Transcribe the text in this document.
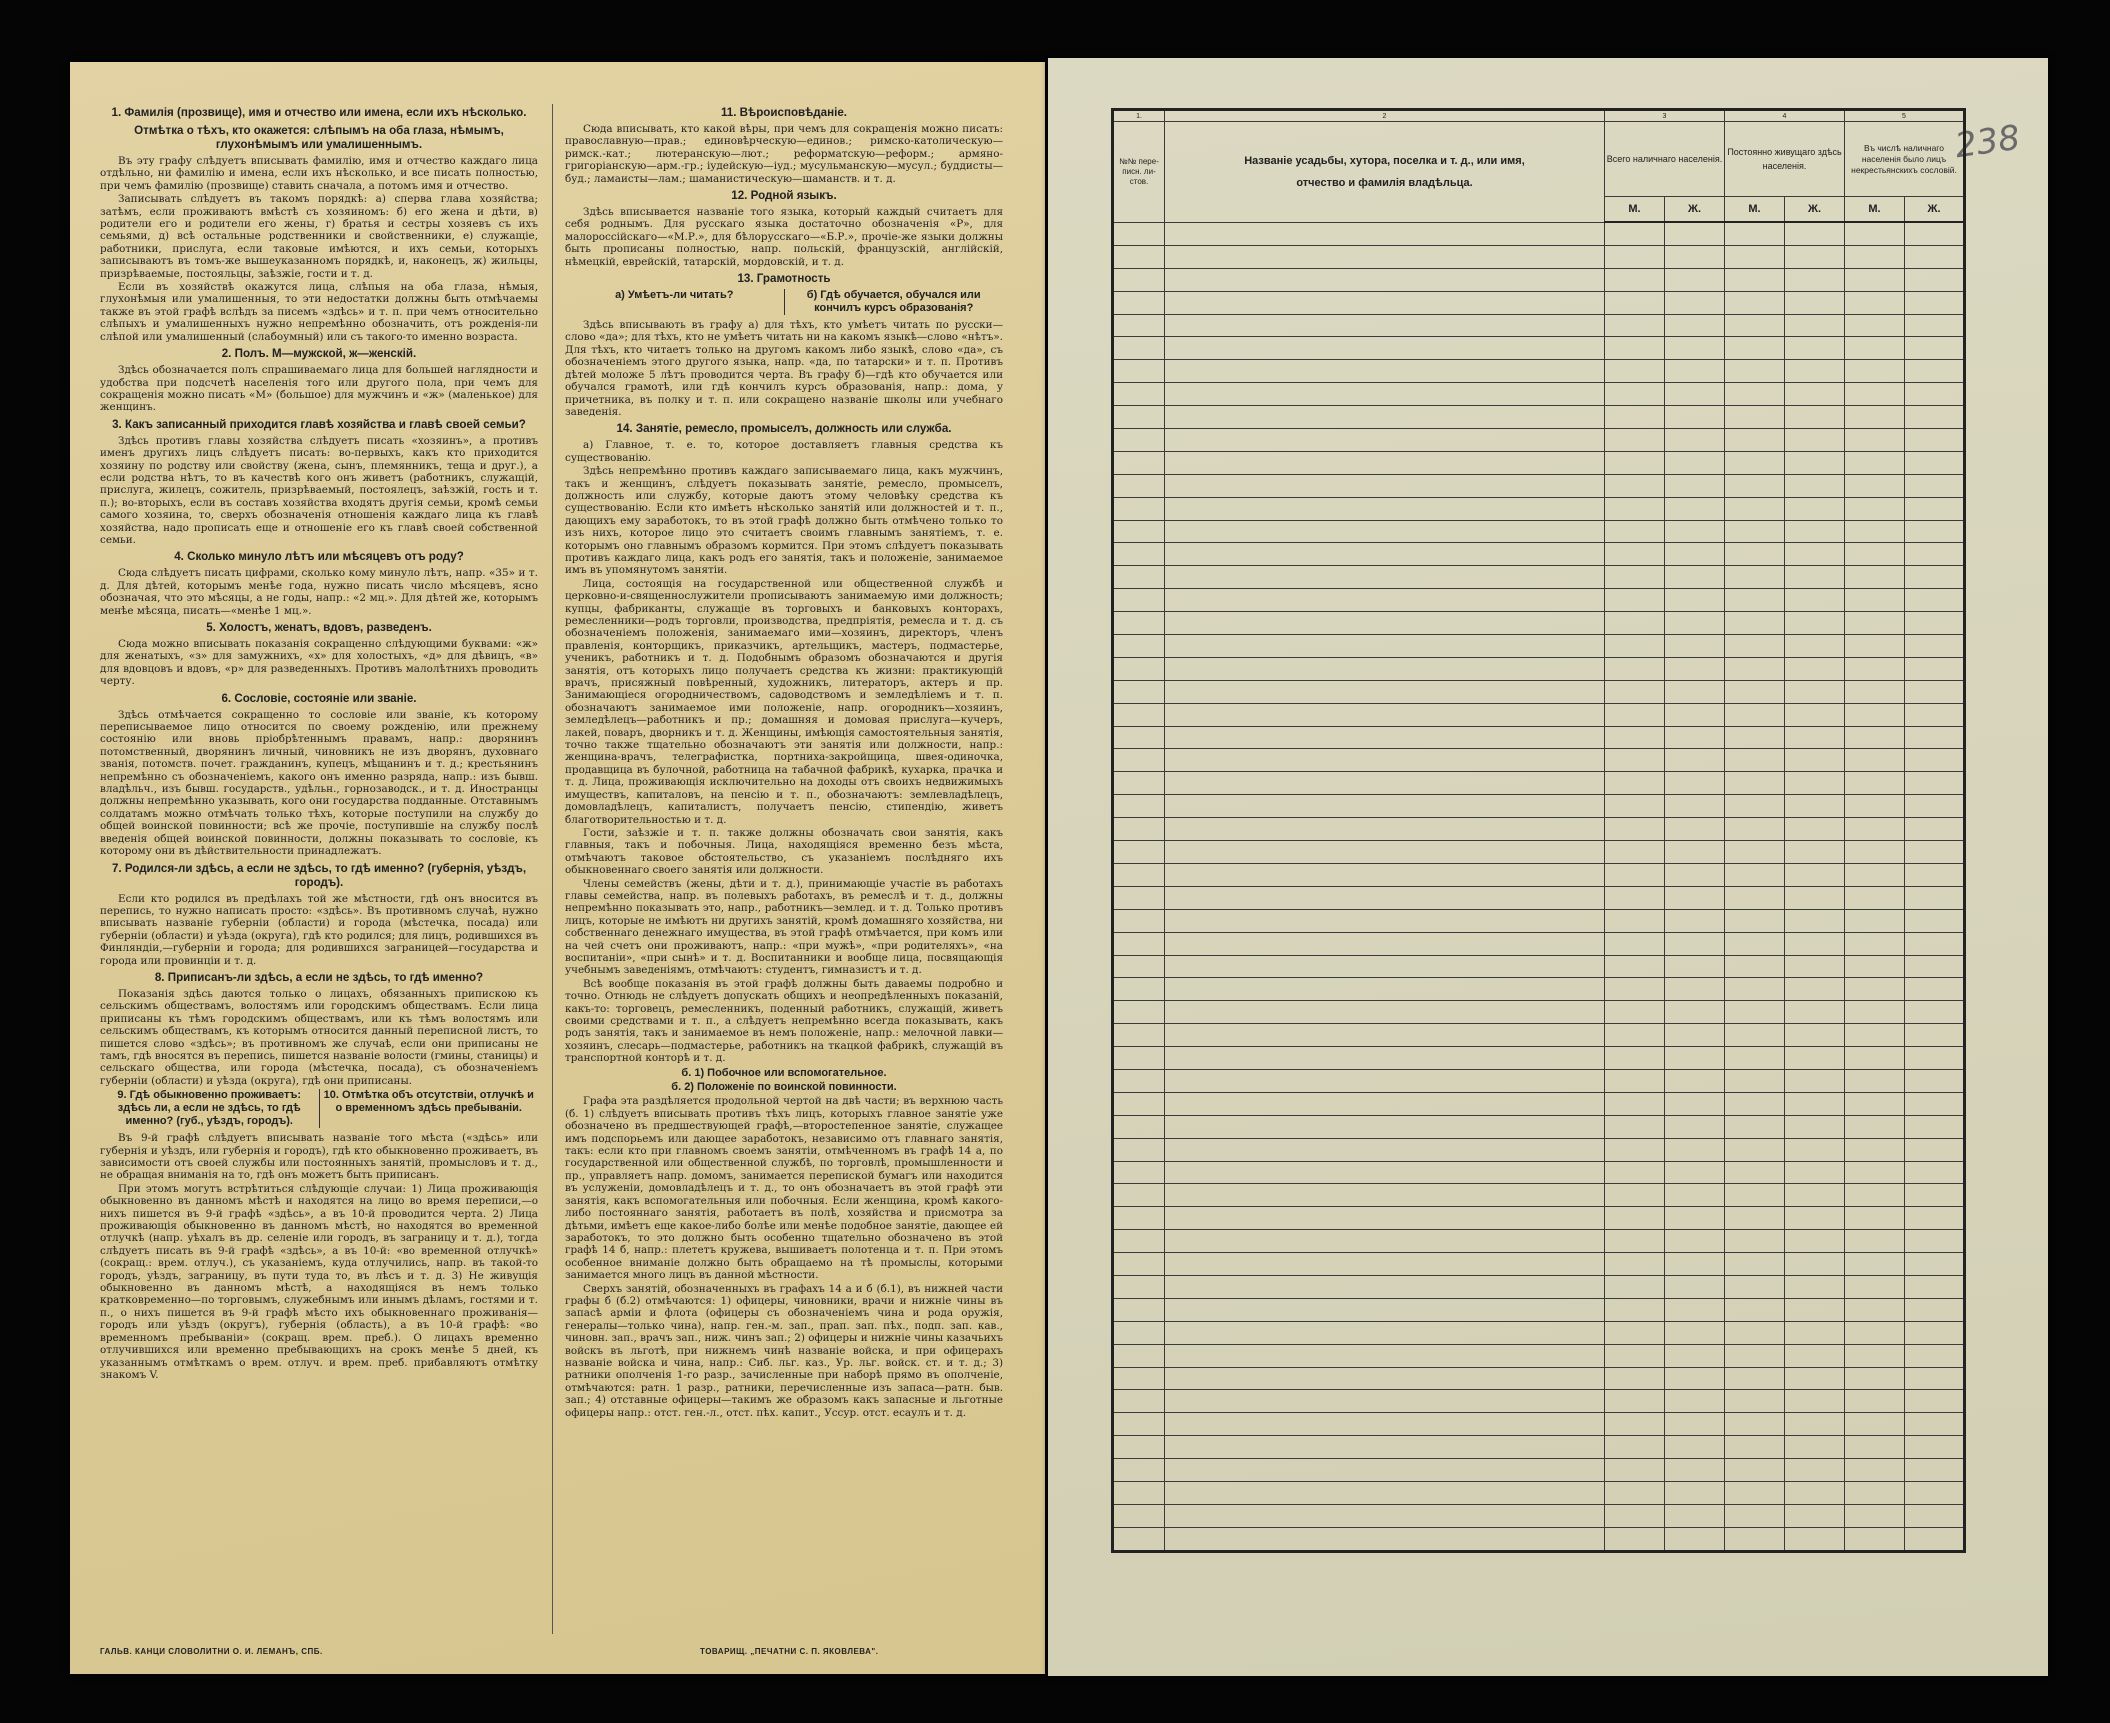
1. Фамилія (прозвище), имя и отчество или имена, если ихъ нѣсколько.
Отмѣтка о тѣхъ, кто окажется: слѣпымъ на оба глаза, нѣмымъ, глухонѣмымъ или умалишеннымъ.
Въ эту графу слѣдуетъ вписывать фамилію, имя и отчество каждаго лица отдѣльно, ни фамилію и имена, если ихъ нѣсколько, и все писать полностью, при чемъ фамилію (прозвище) ставить сначала, а потомъ имя и отчество.
Записывать слѣдуетъ въ такомъ порядкѣ: а) сперва глава хозяйства; затѣмъ, если проживаютъ вмѣстѣ съ хозяиномъ: б) его жена и дѣти, в) родители его и родители его жены, г) братья и сестры хозяевъ съ ихъ семьями, д) всѣ остальные родственники и свойственники, е) служащіе, работники, прислуга, если таковые имѣются, и ихъ семьи, которыхъ записываютъ въ томъ-же вышеуказанномъ порядкѣ, и, наконецъ, ж) жильцы, призрѣваемые, постояльцы, заѣзжіе, гости и т. д.
Если въ хозяйствѣ окажутся лица, слѣпыя на оба глаза, нѣмыя, глухонѣмыя или умалишенныя, то эти недостатки должны быть отмѣчаемы также въ этой графѣ вслѣдъ за писемъ «здѣсь» и т. п. при чемъ относительно слѣпыхъ и умалишенныхъ нужно непремѣнно обозначить, отъ рожденія-ли слѣпой или умалишенный (слабоумный) или съ такого-то именно возраста.
2. Полъ. М—мужской, ж—женскій.
Здѣсь обозначается полъ спрашиваемаго лица для большей наглядности и удобства при подсчетѣ населенія того или другого пола, при чемъ для сокращенія можно писать «М» (большое) для мужчинъ и «ж» (маленькое) для женщинъ.
3. Какъ записанный приходится главѣ хозяйства и главѣ своей семьи?
Здѣсь противъ главы хозяйства слѣдуетъ писать «хозяинъ», а противъ именъ другихъ лицъ слѣдуетъ писать: во-первыхъ, какъ кто приходится хозяину по родству или свойству (жена, сынъ, племянникъ, теща и друг.), а если родства нѣтъ, то въ качествѣ кого онъ живетъ (работникъ, служащій, прислуга, жилецъ, сожитель, призрѣваемый, постоялецъ, заѣзжій, гость и т. п.); во-вторыхъ, если въ составъ хозяйства входятъ другія семьи, кромѣ семьи самого хозяина, то, сверхъ обозначенія отношенія каждаго лица къ главѣ хозяйства, надо прописать еще и отношеніе его къ главѣ своей собственной семьи.
4. Сколько минуло лѣтъ или мѣсяцевъ отъ роду?
Сюда слѣдуетъ писать цифрами, сколько кому минуло лѣтъ, напр. «35» и т. д. Для дѣтей, которымъ менѣе года, нужно писать число мѣсяцевъ, ясно обозначая, что это мѣсяцы, а не годы, напр.: «2 мц.». Для дѣтей же, которымъ менѣе мѣсяца, писать—«менѣе 1 мц.».
5. Холостъ, женатъ, вдовъ, разведенъ.
Сюда можно вписывать показанія сокращенно слѣдующими буквами: «ж» для женатыхъ, «з» для замужнихъ, «х» для холостыхъ, «д» для дѣвицъ, «в» для вдовцовъ и вдовъ, «р» для разведенныхъ. Противъ малолѣтнихъ проводить черту.
6. Сословіе, состояніе или званіе.
Здѣсь отмѣчается сокращенно то сословіе или званіе, къ которому переписываемое лицо относится по своему рожденію, или прежнему состоянію или вновь пріобрѣтеннымъ правамъ, напр.: дворянинъ потомственный, дворянинъ личный, чиновникъ не изъ дворянъ, духовнаго званія, потомств. почет. гражданинъ, купецъ, мѣщанинъ и т. д.; крестьянинъ непремѣнно съ обозначеніемъ, какого онъ именно разряда, напр.: изъ бывш. владѣльч., изъ бывш. государств., удѣльн., горнозаводск., и т. д. Иностранцы должны непремѣнно указывать, кого они государства подданные. Отставнымъ солдатамъ можно отмѣчать только тѣхъ, которые поступили на службу до общей воинской повинности; всѣ же прочіе, поступившіе на службу послѣ введенія общей воинской повинности, должны показывать то сословіе, къ которому они въ дѣйствительности принадлежатъ.
7. Родился-ли здѣсь, а если не здѣсь, то гдѣ именно? (губернія, уѣздъ, городъ).
Если кто родился въ предѣлахъ той же мѣстности, гдѣ онъ вносится въ перепись, то нужно написать просто: «здѣсь». Въ противномъ случаѣ, нужно вписывать названіе губерніи (области) и города (мѣстечка, посада) или губерніи (области) и уѣзда (округа), гдѣ кто родился; для лицъ, родившихся въ Финляндіи,—губерніи и города; для родившихся заграницей—государства и города или провинціи и т. д.
8. Приписанъ-ли здѣсь, а если не здѣсь, то гдѣ именно?
Показанія здѣсь даются только о лицахъ, обязанныхъ припискою къ сельскимъ обществамъ, волостямъ или городскимъ обществамъ. Если лица приписаны къ тѣмъ городскимъ обществамъ, или къ тѣмъ волостямъ или сельскимъ обществамъ, къ которымъ относится данный переписной листъ, то пишется слово «здѣсь»; въ противномъ же случаѣ, если они приписаны не тамъ, гдѣ вносятся въ перепись, пишется названіе волости (гмины, станицы) и сельскаго общества, или города (мѣстечка, посада), съ обозначеніемъ губерніи (области) и уѣзда (округа), гдѣ они приписаны.
9. Гдѣ обыкновенно проживаетъ: здѣсь ли, а если не здѣсь, то гдѣ именно? (губ., уѣздъ, городъ).
10. Отмѣтка объ отсутствіи, отлучкѣ и о временномъ здѣсь пребываніи.
Въ 9-й графѣ слѣдуетъ вписывать названіе того мѣста («здѣсь» или губернія и уѣздъ, или губернія и городъ), гдѣ кто обыкновенно проживаетъ, въ зависимости отъ своей службы или постоянныхъ занятій, промысловъ и т. д., не обращая вниманія на то, гдѣ онъ можетъ быть приписанъ.
При этомъ могутъ встрѣтиться слѣдующіе случаи: 1) Лица проживающія обыкновенно въ данномъ мѣстѣ и находятся на лицо во время переписи,—о нихъ пишется въ 9-й графѣ «здѣсь», а въ 10-й проводится черта. 2) Лица проживающія обыкновенно въ данномъ мѣстѣ, но находятся во временной отлучкѣ (напр. уѣхалъ въ др. селеніе или городъ, въ заграницу и т. д.), тогда слѣдуетъ писать въ 9-й графѣ «здѣсь», а въ 10-й: «во временной отлучкѣ» (сокращ.: врем. отлуч.), съ указаніемъ, куда отлучились, напр. въ такой-то городъ, уѣздъ, заграницу, въ пути туда то, въ лѣсъ и т. д. 3) Не живущія обыкновенно въ данномъ мѣстѣ, а находящіяся въ немъ только кратковременно—по торговымъ, служебнымъ или инымъ дѣламъ, гостями и т. п., о нихъ пишется въ 9-й графѣ мѣсто ихъ обыкновеннаго проживанія—городъ или уѣздъ (округъ), губернія (область), а въ 10-й графѣ: «во временномъ пребываніи» (сокращ. врем. преб.). О лицахъ временно отлучившихся или временно пребывающихъ на срокъ менѣе 5 дней, къ указаннымъ отмѣткамъ о врем. отлуч. и врем. преб. прибавляютъ отмѣтку знакомъ V.
11. Вѣроисповѣданіе.
Сюда вписывать, кто какой вѣры, при чемъ для сокращенія можно писать: православную—прав.; единовѣрческую—единов.; римско-католическую—римск.-кат.; лютеранскую—лют.; реформатскую—реформ.; армяно-григоріанскую—арм.-гр.; іудейскую—іуд.; мусульманскую—мусул.; буддисты—буд.; ламаисты—лам.; шаманистическую—шаманств. и т. д.
12. Родной языкъ.
Здѣсь вписывается названіе того языка, который каждый считаетъ для себя роднымъ. Для русскаго языка достаточно обозначенія «Р», для малороссійскаго—«М.Р.», для бѣлорусскаго—«Б.Р.», прочіе-же языки должны быть прописаны полностью, напр. польскій, французскій, англійскій, нѣмецкій, еврейскій, татарскій, мордовскій, и т. д.
13. Грамотность
а) Умѣетъ-ли читать?	б) Гдѣ обучается, обучался или кончилъ курсъ образованія?
Здѣсь вписывають въ графу а) для тѣхъ, кто умѣетъ читать по русски—слово «да»; для тѣхъ, кто не умѣетъ читать ни на какомъ языкѣ—слово «нѣтъ». Для тѣхъ, кто читаетъ только на другомъ какомъ либо языкѣ, слово «да», съ обозначеніемъ этого другого языка, напр. «да, по татарски» и т. п. Противъ дѣтей моложе 5 лѣтъ проводится черта. Въ графу б)—гдѣ кто обучается или обучался грамотѣ, или гдѣ кончилъ курсъ образованія, напр.: дома, у причетника, въ полку и т. п. или сокращено названіе школы или учебнаго заведенія.
14. Занятіе, ремесло, промыселъ, должность или служба.
а) Главное, т. е. то, которое доставляетъ главныя средства къ существованію.
Здѣсь непремѣнно противъ каждаго записываемаго лица, какъ мужчинъ, такъ и женщинъ, слѣдуетъ показывать занятіе, ремесло, промыселъ, должность или службу, которые даютъ этому человѣку средства къ существованію. Если кто имѣетъ нѣсколько занятій или должностей и т. п., дающихъ ему заработокъ, то въ этой графѣ должно быть отмѣчено только то изъ нихъ, которое лицо это считаетъ своимъ главнымъ занятіемъ, т. е. которымъ оно главнымъ образомъ кормится. При этомъ слѣдуетъ показывать противъ каждаго лица, какъ родъ его занятія, такъ и положеніе, занимаемое имъ въ упомянутомъ занятіи.
Лица, состоящія на государственной или общественной службѣ и церковно-и-священнослужители прописываютъ занимаемую ими должность; купцы, фабриканты, служащіе въ торговыхъ и банковыхъ конторахъ, ремесленники—родъ торговли, производства, предпріятія, ремесла и т. д. съ обозначеніемъ положенія, занимаемаго ими—хозяинъ, директоръ, членъ правленія, конторщикъ, приказчикъ, артельщикъ, мастеръ, подмастерье, ученикъ, работникъ и т. д. Подобнымъ образомъ обозначаются и другія занятія, отъ которыхъ лицо получаетъ средства къ жизни: практикующій врачъ, присяжный повѣренный, художникъ, литераторъ, актеръ и пр. Занимающіеся огородничествомъ, садоводствомъ и земледѣліемъ и т. п. обозначаютъ занимаемое ими положеніе, напр. огородникъ—хозяинъ, земледѣлецъ—работникъ и пр.; домашняя и домовая прислуга—кучеръ, лакей, поваръ, дворникъ и т. д. Женщины, имѣющія самостоятельныя занятія, точно также тщательно обозначаютъ эти занятія или должности, напр.: женщина-врачъ, телеграфистка, портниха-закройщица, швея-одиночка, продавщица въ булочной, работница на табачной фабрикѣ, кухарка, прачка и т. д. Лица, проживающія исключительно на доходы отъ своихъ недвижимыхъ имуществъ, капиталовъ, на пенсію и т. п., обозначаютъ: землевладѣлецъ, домовладѣлецъ, капиталистъ, получаетъ пенсію, стипендію, живетъ благотворительностью и т. д.
Гости, заѣзжіе и т. п. также должны обозначать свои занятія, какъ главныя, такъ и побочныя. Лица, находящіяся временно безъ мѣста, отмѣчаютъ таковое обстоятельство, съ указаніемъ послѣдняго ихъ обыкновеннаго своего занятія или должности.
Члены семействъ (жены, дѣти и т. д.), принимающіе участіе въ работахъ главы семейства, напр. въ полевыхъ работахъ, въ ремеслѣ и т. д., должны непремѣнно показывать это, напр., работникъ—землед. и т. д. Только противъ лицъ, которые не имѣютъ ни другихъ занятій, кромѣ домашняго хозяйства, ни собственнаго денежнаго имущества, въ этой графѣ отмѣчается, при комъ или на чей счетъ они проживаютъ, напр.: «при мужѣ», «при родителяхъ», «на воспитаніи», «при сынѣ» и т. д. Воспитанники и вообще лица, посвящающія учебнымъ заведеніямъ, отмѣчаютъ: студентъ, гимназистъ и т. д.
Всѣ вообще показанія въ этой графѣ должны быть даваемы подробно и точно. Отнюдь не слѣдуетъ допускать общихъ и неопредѣленныхъ показаній, какъ-то: торговецъ, ремесленникъ, поденный работникъ, служащій, живетъ своими средствами и т. п., а слѣдуетъ непремѣнно всегда показывать, какъ родъ занятія, такъ и занимаемое въ немъ положеніе, напр.: мелочной лавки—хозяинъ, слесарь—подмастерье, работникъ на ткацкой фабрикѣ, служащій въ транспортной конторѣ и т. д.
б. 1) Побочное или вспомогательное.
б. 2) Положеніе по воинской повинности.
Графа эта раздѣляется продольной чертой на двѣ части; въ верхнюю часть (б. 1) слѣдуетъ вписывать противъ тѣхъ лицъ, которыхъ главное занятіе уже обозначено въ предшествующей графѣ,—второстепенное занятіе, служащее имъ подспорьемъ или дающее заработокъ, независимо отъ главнаго занятія, такъ: если кто при главномъ своемъ занятіи, отмѣченномъ въ графѣ 14 а, по государственной или общественной службѣ, по торговлѣ, промышленности и пр., управляетъ напр. домомъ, занимается перепиской бумагъ или находится въ услуженіи, домовладѣлецъ и т. д., то онъ обозначаетъ въ этой графѣ эти занятія, какъ вспомогательныя или побочныя. Если женщина, кромѣ какого-либо постояннаго занятія, работаетъ въ полѣ, хозяйства и присмотра за дѣтьми, имѣетъ еще какое-либо болѣе или менѣе подобное занятіе, дающее ей заработокъ, то это должно быть особенно тщательно обозначено въ этой графѣ 14 б, напр.: плететъ кружева, вышиваетъ полотенца и т. п. При этомъ особенное вниманіе должно быть обращаемо на тѣ промыслы, которыми занимается много лицъ въ данной мѣстности.
Сверхъ занятій, обозначенныхъ въ графахъ 14 а и б (б.1), въ нижней части графы б (б.2) отмѣчаются: 1) офицеры, чиновники, врачи и нижніе чины въ запасѣ арміи и флота (офицеры съ обозначеніемъ чина и рода оружія, генералы—только чина), напр. ген.-м. зап., прап. зап. пѣх., подп. зап. кав., чиновн. зап., врачъ зап., ниж. чинъ зап.; 2) офицеры и нижніе чины казачьихъ войскъ въ льготѣ, при нижнемъ чинѣ названіе войска, и при офицерахъ названіе войска и чина, напр.: Сиб. льг. каз., Ур. льг. войск. ст. и т. д.; 3) ратники ополченія 1-го разр., зачисленные при наборѣ прямо въ ополченіе, отмѣчаются: ратн. 1 разр., ратники, перечисленные изъ запаса—ратн. быв. зап.; 4) отставные офицеры—такимъ же образомъ какъ запасные и льготные офицеры напр.: отст. ген.-л., отст. пѣх. капит., Уссур. отст. есаулъ и т. д.
ГАЛЬВ. КАНЦИ СЛОВОЛИТНИ О. И. ЛЕМАНЪ, СПБ.	ТОВАРИЩ. „ПЕЧАТНИ С. П. ЯКОВЛЕВА".
238
1.	2	3		4		5	
№№ пере-писн. ли-стов.	Названіе усадьбы, хутора, поселка и т. д., или имя, отчество и фамилія владѣльца.	Всего наличнаго населенія.		Постоянно живущаго здѣсь населенія.		Въ числѣ наличнаго населенія было лицъ некрестьянскихъ сословій.	
		М.	Ж.	М.	Ж.	М.	Ж.
